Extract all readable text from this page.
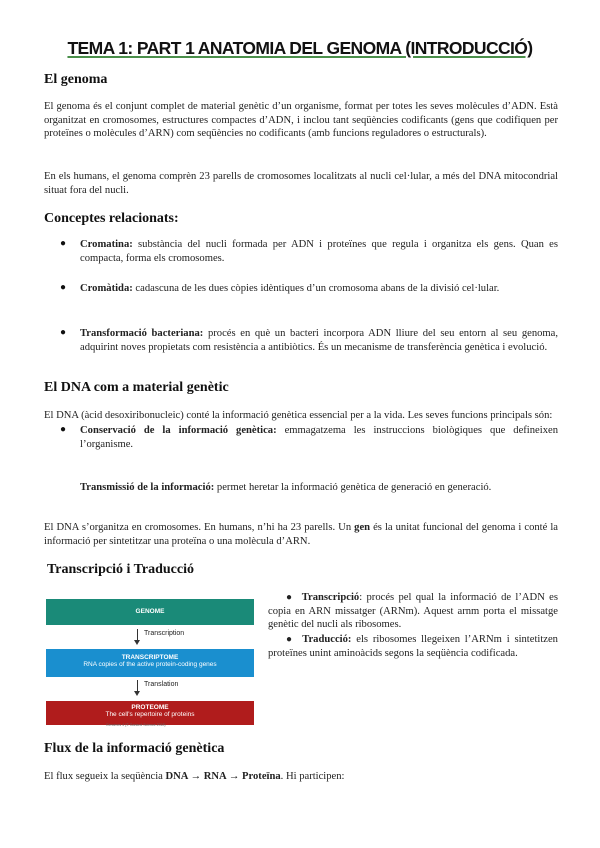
TEMA 1: PART 1 ANATOMIA DEL GENOMA (INTRODUCCIÓ)
El genoma

El genoma és el conjunt complet de material genètic d’un organisme, format per totes les seves molècules d’ADN. Està organitzat en cromosomes, estructures compactes d’ADN, i inclou tant seqüències codificants (gens que codifiquen per proteïnes o molècules d’ARN) com seqüències no codificants (amb funcions reguladores o estructurals).

En els humans, el genoma comprèn 23 parells de cromosomes localitzats al nucli cel·lular, a més del DNA mitocondrial situat fora del nucli.

Conceptes relacionats:
● Cromatina: substància del nucli formada per ADN i proteïnes que regula i organitza els gens. Quan es compacta, forma els cromosomes.
● Cromàtida: cadascuna de les dues còpies idèntiques d’un cromosoma abans de la divisió cel·lular.
● Transformació bacteriana: procés en què un bacteri incorpora ADN lliure del seu entorn al seu genoma, adquirint noves propietats com resistència a antibiòtics. És un mecanisme de transferència genètica i evolució.
El DNA com a material genètic

El DNA (àcid desoxiribonucleic) conté la informació genètica essencial per a la vida. Les seves funcions principals són:

● Conservació de la informació genètica: emmagatzema les instruccions biològiques que defineixen l’organisme.
Transmissió de la informació: permet heretar la informació genètica de generació en generació.

El DNA s’organitza en cromosomes. En humans, n’hi ha 23 parells. Un gen és la unitat funcional del genoma i conté la informació per sintetitzar una proteïna o una molècula d’ARN.

Transcripció i Traducció
GENOME
Transcription
TRANSCRIPTOME
RNA copies of the active protein-coding genes
Translation
PROTEOME
The cell's repertoire of proteins
Genomes 4 (© Garland Science 2018)
● Transcripció: procés pel qual la informació de l’ADN es copia en ARN missatger (ARNm). Aquest arnm porta el missatge genètic del nucli als ribosomes.
● Traducció: els ribosomes llegeixen l’ARNm i sintetitzen proteïnes unint aminoàcids segons la seqüència codificada.
Flux de la informació genètica

El flux segueix la seqüència DNA → RNA → Proteïna. Hi participen:
